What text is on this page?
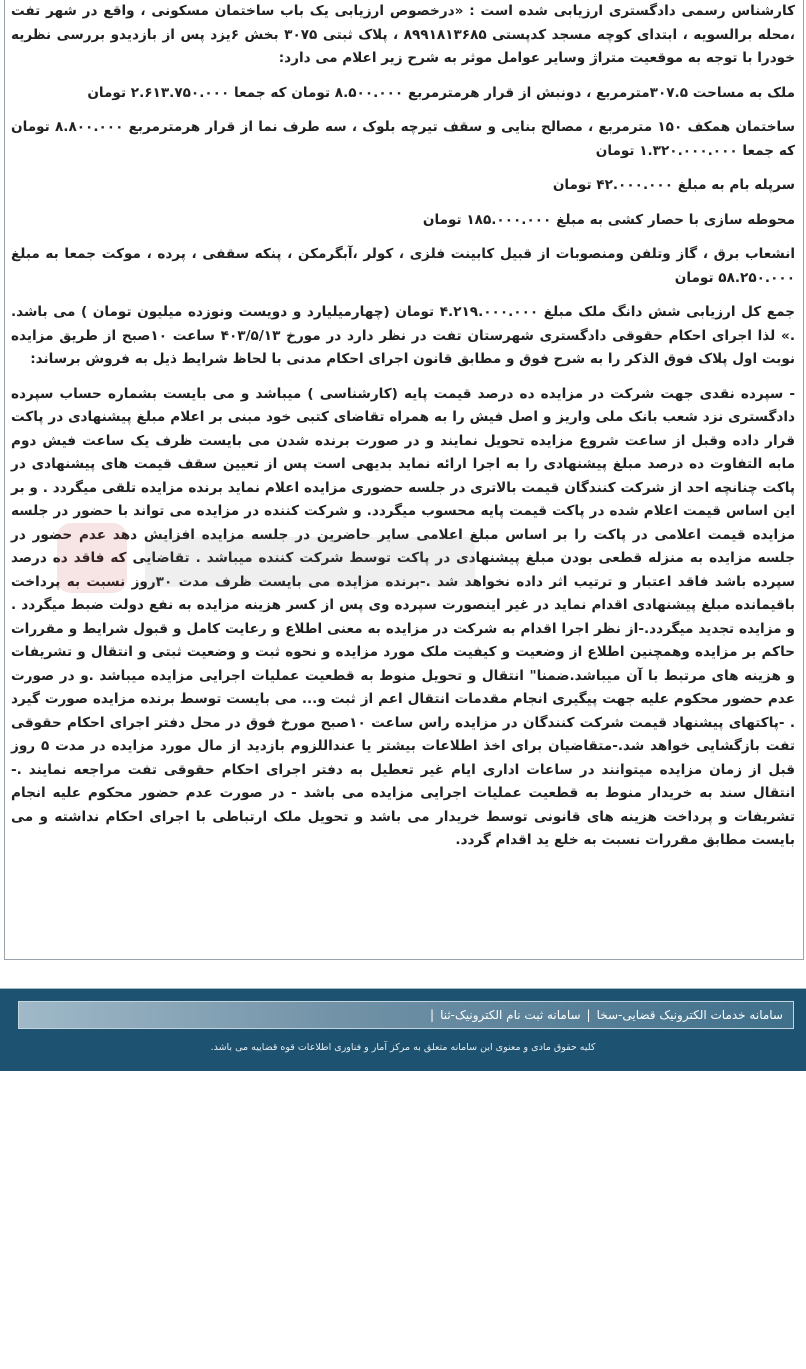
کارشناس رسمی دادگستری ارزیابی شده است : «درخصوص ارزیابی یک باب ساختمان مسکونی ، واقع در شهر تفت ،محله برالسویه ، ابتدای کوچه مسجد کدپستی ۸۹۹۱۸۱۳۶۸۵ ، پلاک ثبتی ۳۰۷۵ بخش ۶یزد پس از بازدیدو بررسی نظریه خودرا با توجه به موقعیت متراژ وسایر عوامل موثر به شرح زیر اعلام می دارد:

ملک به مساحت ۳۰۷.۵مترمربع ، دونبش از قرار هرمترمربع ۸.۵۰۰.۰۰۰ تومان که جمعا ۲.۶۱۳.۷۵۰.۰۰۰ تومان

ساختمان همکف ۱۵۰ مترمربع ، مصالح بنایی و سقف تیرچه بلوک ، سه طرف نما از قرار هرمترمربع ۸.۸۰۰.۰۰۰ تومان که جمعا ۱.۳۲۰.۰۰۰.۰۰۰ تومان

سرپله بام به مبلغ ۴۲.۰۰۰.۰۰۰ تومان

محوطه سازی با حصار کشی به مبلغ ۱۸۵.۰۰۰.۰۰۰ تومان

انشعاب برق ، گاز وتلفن ومنصوبات از قبیل کابینت فلزی ، کولر ،آبگرمکن ، پنکه سقفی ، پرده ، موکت جمعا به مبلغ ۵۸.۲۵۰.۰۰۰ تومان

جمع کل ارزیابی شش دانگ ملک مبلغ ۴.۲۱۹.۰۰۰.۰۰۰ تومان (چهارمیلیارد و دویست ونوزده میلیون تومان ) می باشد. .» لذا اجرای احکام حقوقی دادگستری شهرستان تفت در نظر دارد در مورخ ۴۰۳/۵/۱۳ ساعت ۱۰صبح از طریق مزایده نوبت اول پلاک فوق الذکر را به شرح فوق و مطابق قانون اجرای احکام مدنی با لحاظ شرایط ذیل به فروش برساند:

- سپرده نقدی جهت شرکت در مزایده ده درصد قیمت پایه (کارشناسی ) میباشد و می بایست بشماره حساب سپرده دادگستری نزد شعب بانک ملی واریز و اصل فیش را به همراه تقاضای کتبی خود مبنی بر اعلام مبلغ پیشنهادی در پاکت قرار داده وقبل از ساعت شروع مزایده تحویل نمایند و در صورت برنده شدن می بایست ظرف یک ساعت فیش دوم مابه التفاوت ده درصد مبلغ پیشنهادی را به اجرا ارائه نماید بدیهی است پس از تعیین سقف قیمت های پیشنهادی در پاکت چنانچه احد از شرکت کنندگان قیمت بالاتری در جلسه حضوری مزایده اعلام نماید برنده مزایده تلقی میگردد . و بر این اساس قیمت اعلام شده در پاکت قیمت پایه محسوب میگردد. و شرکت کننده در مزایده می تواند با حضور در جلسه مزایده قیمت اعلامی در پاکت را بر اساس مبلغ اعلامی سایر حاضرین در جلسه مزایده افزایش دهد عدم حضور در جلسه مزایده به منزله قطعی بودن مبلغ پیشنهادی در پاکت توسط شرکت کننده میباشد . تقاضایی که فاقد ده درصد سپرده باشد فاقد اعتبار و ترتیب اثر داده نخواهد شد .-برنده مزایده می بایست ظرف مدت ۳۰روز نسبت به پرداخت باقیمانده مبلغ پیشنهادی اقدام نماید در غیر اینصورت سپرده وی پس از کسر هزینه مزایده به نفع دولت ضبط میگردد . و مزایده تجدید میگردد.-از نظر اجرا اقدام به شرکت در مزایده به معنی اطلاع و رعایت کامل و قبول شرایط و مقررات حاکم بر مزایده وهمچنین اطلاع از وضعیت و کیفیت ملک مورد مزایده و نحوه ثبت و وضعیت ثبتی و انتقال و تشریفات و هزینه های مرتبط با آن میباشد.ضمنا" انتقال و تحویل منوط به قطعیت عملیات اجرایی مزایده میباشد .و در صورت عدم حضور محکوم علیه جهت پیگیری انجام مقدمات انتقال اعم از ثبت و... می بایست توسط برنده مزایده صورت گیرد . -پاکتهای پیشنهاد قیمت شرکت کنندگان در مزایده راس ساعت ۱۰صبح مورخ فوق در محل دفتر اجرای احکام حقوقی تفت بازگشایی خواهد شد.-متقاضیان برای اخذ اطلاعات بیشتر یا عنداللزوم بازدید از مال مورد مزایده در مدت ۵ روز قبل از زمان مزایده میتوانند در ساعات اداری ایام غیر تعطیل به دفتر اجرای احکام حقوقی تفت مراجعه نمایند .- انتقال سند به خریدار منوط به قطعیت عملیات اجرایی مزایده می باشد - در صورت عدم حضور محکوم علیه انجام تشریفات و پرداخت هزینه های قانونی توسط خریدار می باشد و تحویل ملک ارتباطی با اجرای احکام نداشته و می بایست مطابق مقررات نسبت به خلع ید اقدام گردد.

سامانه خدمات الکترونیک قضایی-سخا|سامانه ثبت نام الکترونیک-ثنا|
کلیه حقوق مادی و معنوی این سامانه متعلق به مرکز آمار و فناوری اطلاعات قوه قضاییه می باشد.
